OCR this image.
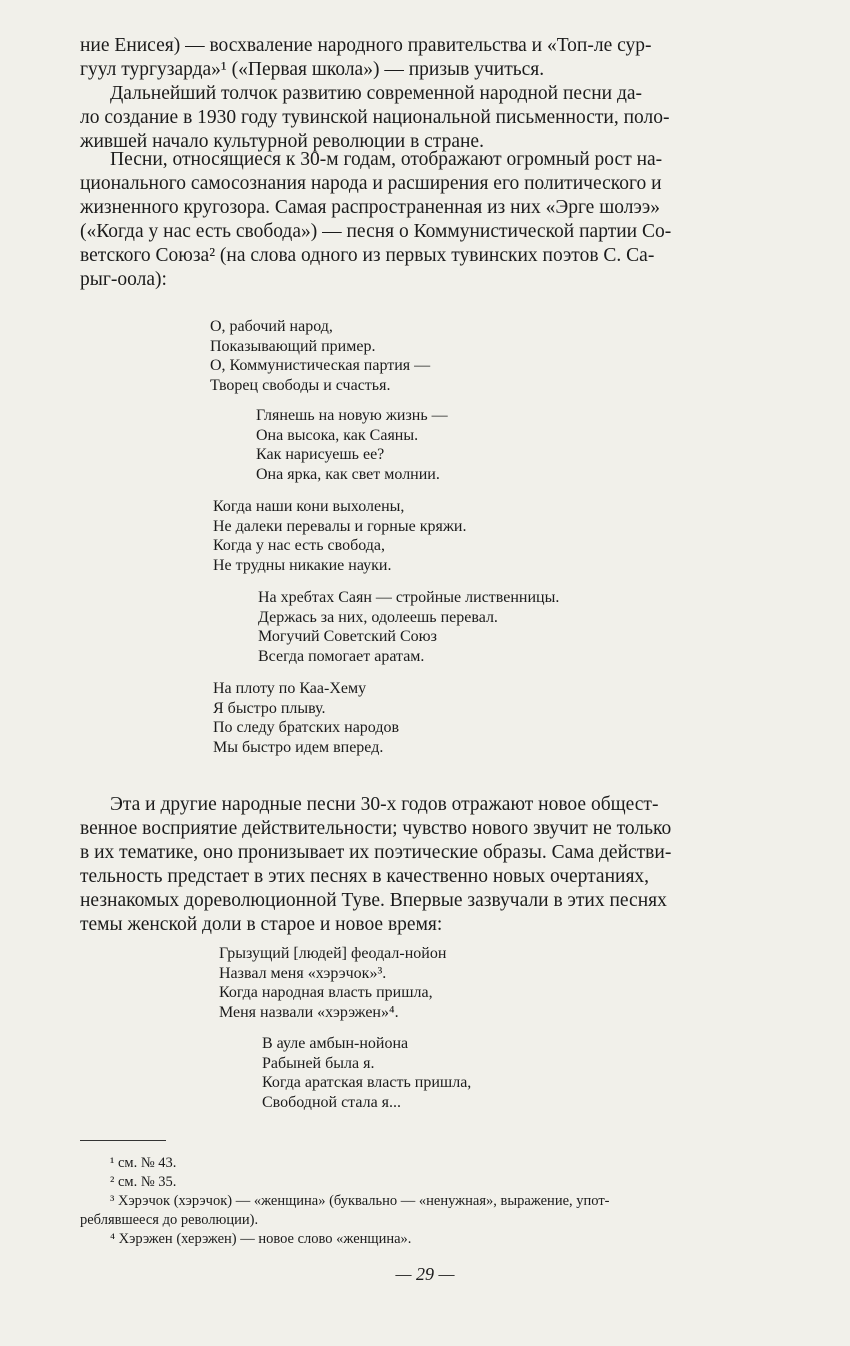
ние Енисея) — восхваление народного правительства и «Топ-ле сур-
гуул тургузарда»¹ («Первая школа») — призыв учиться.

Дальнейший толчок развитию современной народной песни да-

ло создание в 1930 году тувинской национальной письменности, поло-
жившей начало культурной революции в стране.

Песни, относящиеся к 30-м годам, отображают огромный рост на-

ционального самосознания народа и расширения его политического и
жизненного кругозора. Самая распространенная из них «Эрге шолээ»
(«Когда у нас есть свобода») — песня о Коммунистической партии Со-
ветского Союза² (на слова одного из первых тувинских поэтов С. Са-
рыг-оола):

О, рабочий народ,
Показывающий пример.
О, Коммунистическая партия —
Творец свободы и счастья.
Глянешь на новую жизнь —
Она высока, как Саяны.
Как нарисуешь ее?
Она ярка, как свет молнии.
Когда наши кони выхолены,
Не далеки перевалы и горные кряжи.
Когда у нас есть свобода,
Не трудны никакие науки.
На хребтах Саян — стройные лиственницы.
Держась за них, одолеешь перевал.
Могучий Советский Союз
Всегда помогает аратам.
На плоту по Каа-Хему
Я быстро плыву.
По следу братских народов
Мы быстро идем вперед.

Эта и другие народные песни 30-х годов отражают новое общест-

венное восприятие действительности; чувство нового звучит не только
в их тематике, оно пронизывает их поэтические образы. Сама действи-
тельность предстает в этих песнях в качественно новых очертаниях,
незнакомых дореволюционной Туве. Впервые зазвучали в этих песнях
темы женской доли в старое и новое время:

Грызущий [людей] феодал-нойон
Назвал меня «хэрэчок»³.
Когда народная власть пришла,
Меня назвали «хэрэжен»⁴.
В ауле амбын-нойона
Рабыней была я.
Когда аратская власть пришла,
Свободной стала я...
¹ см. № 43.
² см. № 35.
³ Хэрэчок (хэрэчок) — «женщина» (буквально — «ненужная», выражение, упот-
реблявшееся до революции).
⁴ Хэрэжен (херэжен) — новое слово «женщина».
— 29 —
